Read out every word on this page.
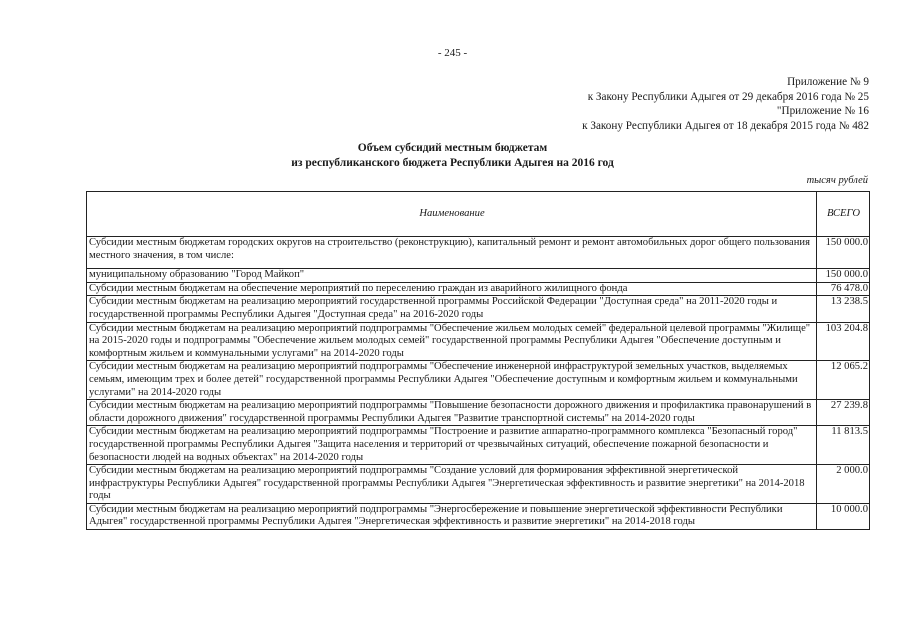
- 245 -
Приложение № 9
к Закону Республики Адыгея от 29 декабря 2016 года № 25
"Приложение № 16
к Закону Республики Адыгея от 18 декабря 2015 года № 482
Объем субсидий местным бюджетам
из республиканского бюджета Республики Адыгея на 2016 год
тысяч рублей
Наименование	ВСЕГО

Субсидии местным бюджетам городских округов на строительство (реконструкцию), капитальный ремонт и ремонт автомобильных дорог общего пользования местного значения, в том числе:	150 000.0
муниципальному образованию "Город Майкоп"	150 000.0
Субсидии местным бюджетам на обеспечение мероприятий по переселению граждан из аварийного жилищного фонда	76 478.0
Субсидии местным бюджетам на реализацию мероприятий государственной программы Российской Федерации "Доступная среда" на 2011-2020 годы и государственной программы Республики Адыгея "Доступная среда" на 2016-2020 годы	13 238.5
Субсидии местным бюджетам на реализацию мероприятий подпрограммы "Обеспечение жильем молодых семей" федеральной целевой программы "Жилище" на 2015-2020 годы и подпрограммы "Обеспечение жильем молодых семей" государственной программы Республики Адыгея "Обеспечение доступным и комфортным жильем и коммунальными услугами" на 2014-2020 годы	103 204.8
Субсидии местным бюджетам на реализацию мероприятий подпрограммы "Обеспечение инженерной инфраструктурой земельных участков, выделяемых семьям, имеющим трех и более детей" государственной программы Республики Адыгея "Обеспечение доступным и комфортным жильем и коммунальными услугами" на 2014-2020 годы	12 065.2
Субсидии местным бюджетам на реализацию мероприятий подпрограммы "Повышение безопасности дорожного движения и профилактика правонарушений в области дорожного движения" государственной программы Республики Адыгея "Развитие транспортной системы" на 2014-2020 годы	27 239.8
Субсидии местным бюджетам на реализацию мероприятий подпрограммы "Построение и развитие аппаратно-программного комплекса "Безопасный город" государственной программы Республики Адыгея "Защита населения и территорий от чрезвычайных ситуаций, обеспечение пожарной безопасности и безопасности людей на водных объектах" на 2014-2020 годы	11 813.5
Субсидии местным бюджетам на реализацию мероприятий подпрограммы "Создание условий для формирования эффективной энергетической инфраструктуры Республики Адыгея" государственной программы Республики Адыгея "Энергетическая эффективность и развитие энергетики" на 2014-2018 годы	2 000.0
Субсидии местным бюджетам на реализацию мероприятий подпрограммы "Энергосбережение и повышение энергетической эффективности Республики Адыгея" государственной программы Республики Адыгея "Энергетическая эффективность и развитие энергетики" на 2014-2018 годы	10 000.0
